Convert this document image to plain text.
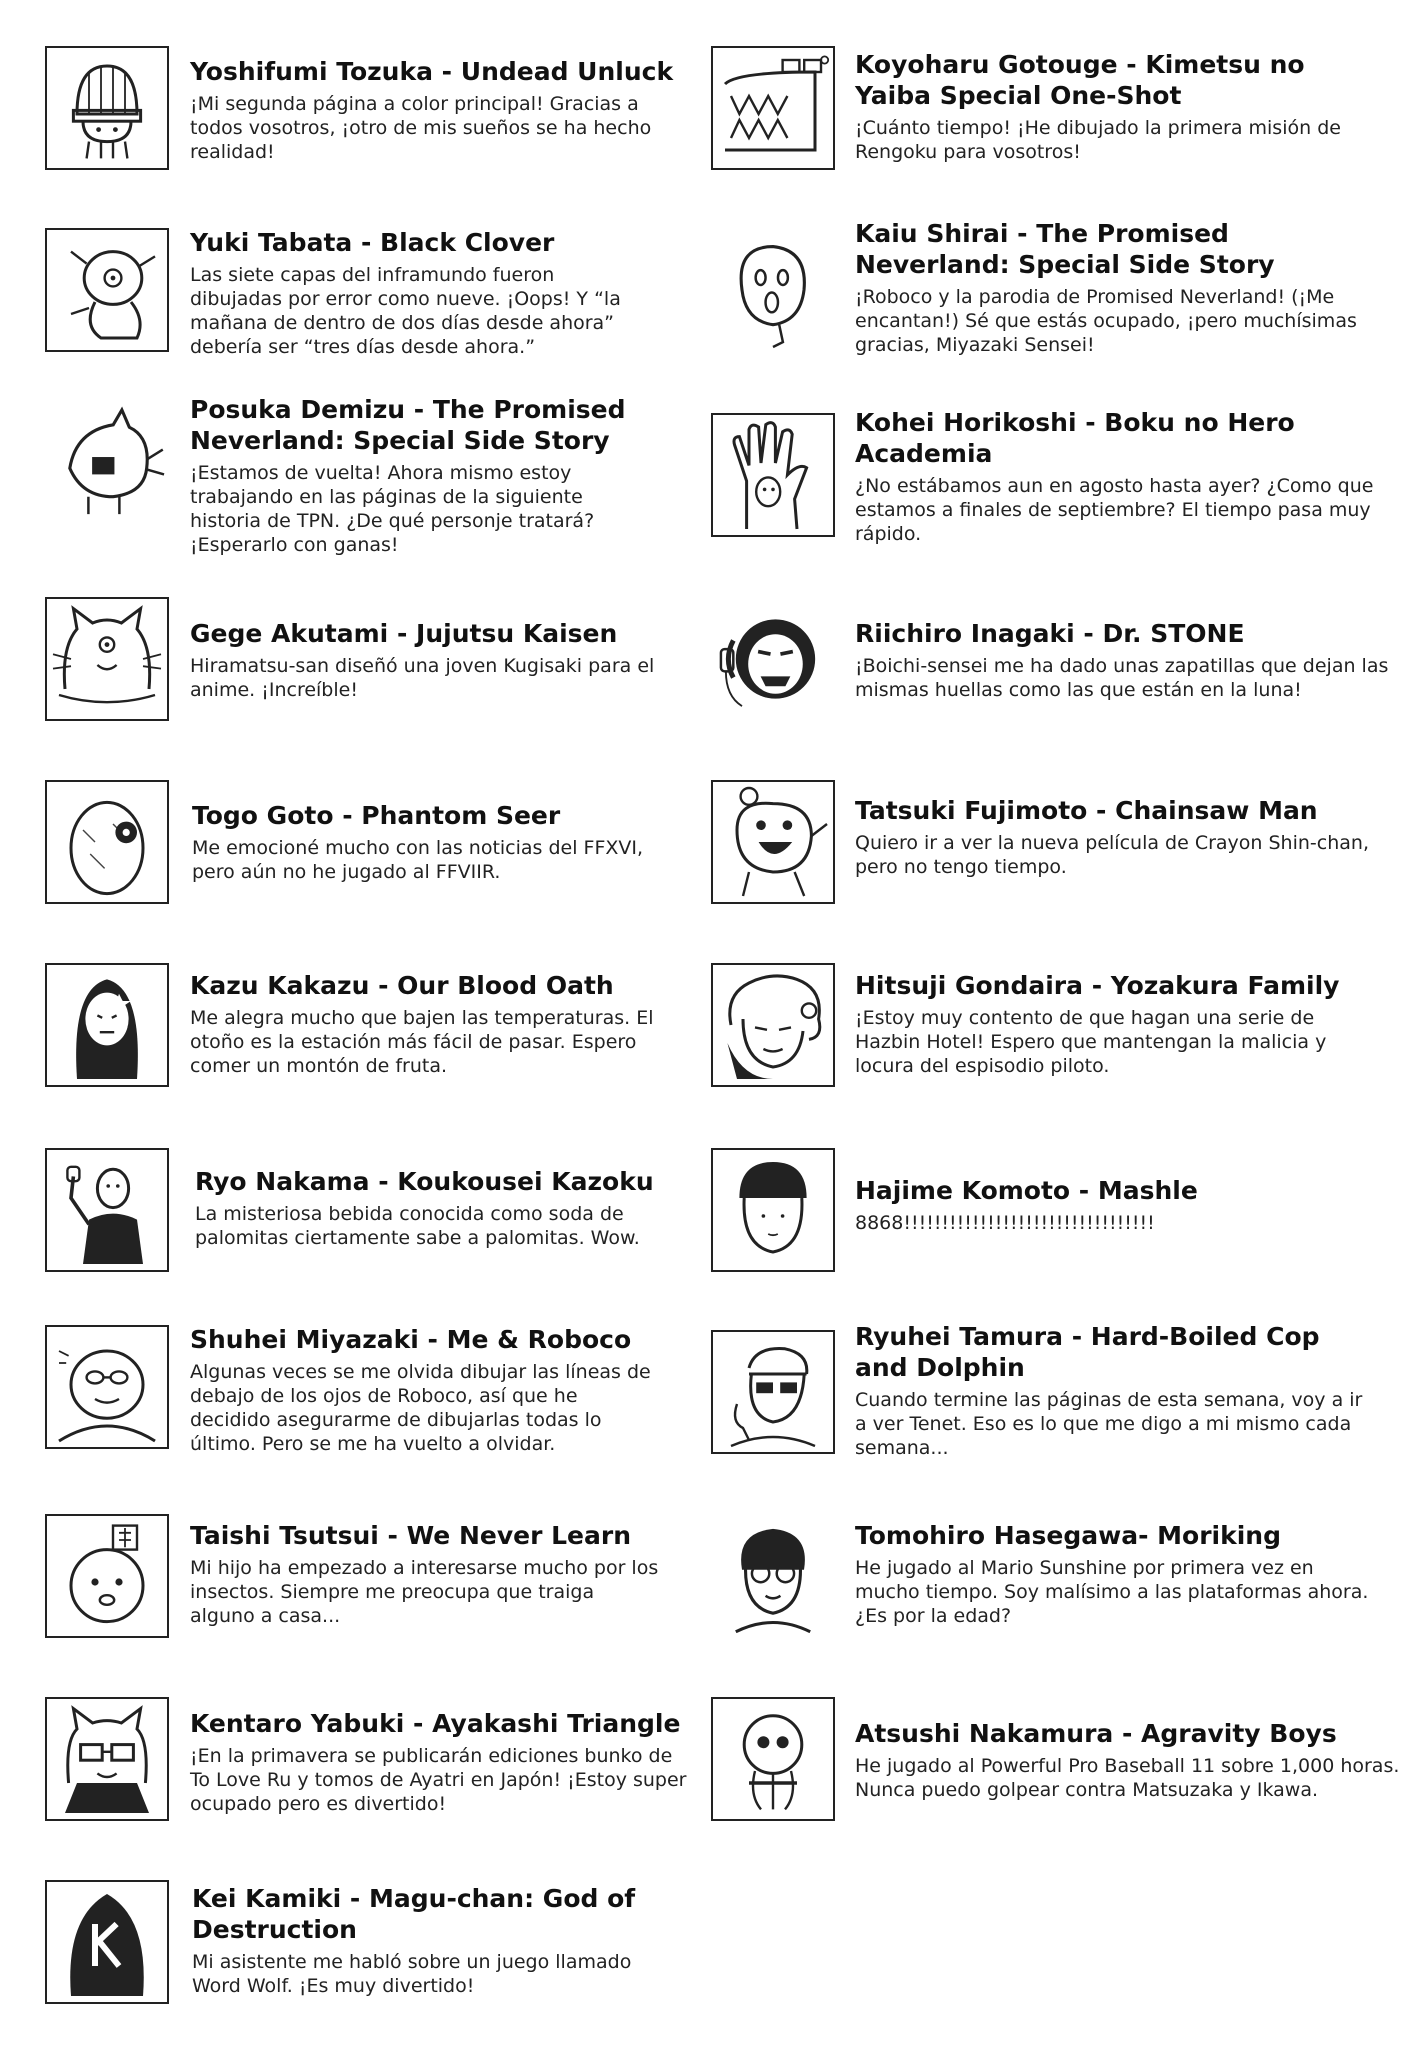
Yoshifumi Tozuka - Undead Unluck

¡Mi segunda página a color principal! Gracias a todos vosotros, ¡otro de mis sueños se ha hecho realidad!

Yuki Tabata - Black Clover

Las siete capas del inframundo fueron dibujadas por error como nueve. ¡Oops! Y “la mañana de dentro de dos días desde ahora” debería ser “tres días desde ahora.”

Posuka Demizu - The Promised Neverland: Special Side Story

¡Estamos de vuelta! Ahora mismo estoy trabajando en las páginas de la siguiente historia de TPN. ¿De qué personje tratará? ¡Esperarlo con ganas!

Gege Akutami - Jujutsu Kaisen

Hiramatsu-san diseñó una joven Kugisaki para el anime. ¡Increíble!

Togo Goto - Phantom Seer

Me emocioné mucho con las noticias del FFXVI, pero aún no he jugado al FFVIIR.

Kazu Kakazu - Our Blood Oath

Me alegra mucho que bajen las temperaturas. El otoño es la estación más fácil de pasar. Espero comer un montón de fruta.

Ryo Nakama - Koukousei Kazoku

La misteriosa bebida conocida como soda de palomitas ciertamente sabe a palomitas. Wow.

Shuhei Miyazaki - Me & Roboco

Algunas veces se me olvida dibujar las líneas de debajo de los ojos de Roboco, así que he decidido asegurarme de dibujarlas todas lo último. Pero se me ha vuelto a olvidar.

Taishi Tsutsui - We Never Learn

Mi hijo ha empezado a interesarse mucho por los insectos. Siempre me preocupa que traiga alguno a casa...

Kentaro Yabuki - Ayakashi Triangle

¡En la primavera se publicarán ediciones bunko de To Love Ru y tomos de Ayatri en Japón! ¡Estoy super ocupado pero es divertido!

Kei Kamiki - Magu-chan: God of Destruction

Mi asistente me habló sobre un juego llamado Word Wolf. ¡Es muy divertido!

Koyoharu Gotouge - Kimetsu no Yaiba Special One-Shot

¡Cuánto tiempo! ¡He dibujado la primera misión de Rengoku para vosotros!

Kaiu Shirai - The Promised Neverland: Special Side Story

¡Roboco y la parodia de Promised Neverland! (¡Me encantan!) Sé que estás ocupado, ¡pero muchísimas gracias, Miyazaki Sensei!

Kohei Horikoshi - Boku no Hero Academia

¿No estábamos aun en agosto hasta ayer? ¿Como que estamos a finales de septiembre? El tiempo pasa muy rápido.

Riichiro Inagaki - Dr. STONE

¡Boichi-sensei me ha dado unas zapatillas que dejan las mismas huellas como las que están en la luna!

Tatsuki Fujimoto - Chainsaw Man

Quiero ir a ver la nueva película de Crayon Shin-chan, pero no tengo tiempo.

Hitsuji Gondaira - Yozakura Family

¡Estoy muy contento de que hagan una serie de Hazbin Hotel! Espero que mantengan la malicia y locura del espisodio piloto.

Hajime Komoto - Mashle

8868!!!!!!!!!!!!!!!!!!!!!!!!!!!!!!!!!

Ryuhei Tamura - Hard-Boiled Cop and Dolphin

Cuando termine las páginas de esta semana, voy a ir a ver Tenet. Eso es lo que me digo a mi mismo cada semana...

Tomohiro Hasegawa- Moriking

He jugado al Mario Sunshine por primera vez en mucho tiempo. Soy malísimo a las plataformas ahora. ¿Es por la edad?

Atsushi Nakamura - Agravity Boys

He jugado al Powerful Pro Baseball 11 sobre 1,000 horas. Nunca puedo golpear contra Matsuzaka y Ikawa.
